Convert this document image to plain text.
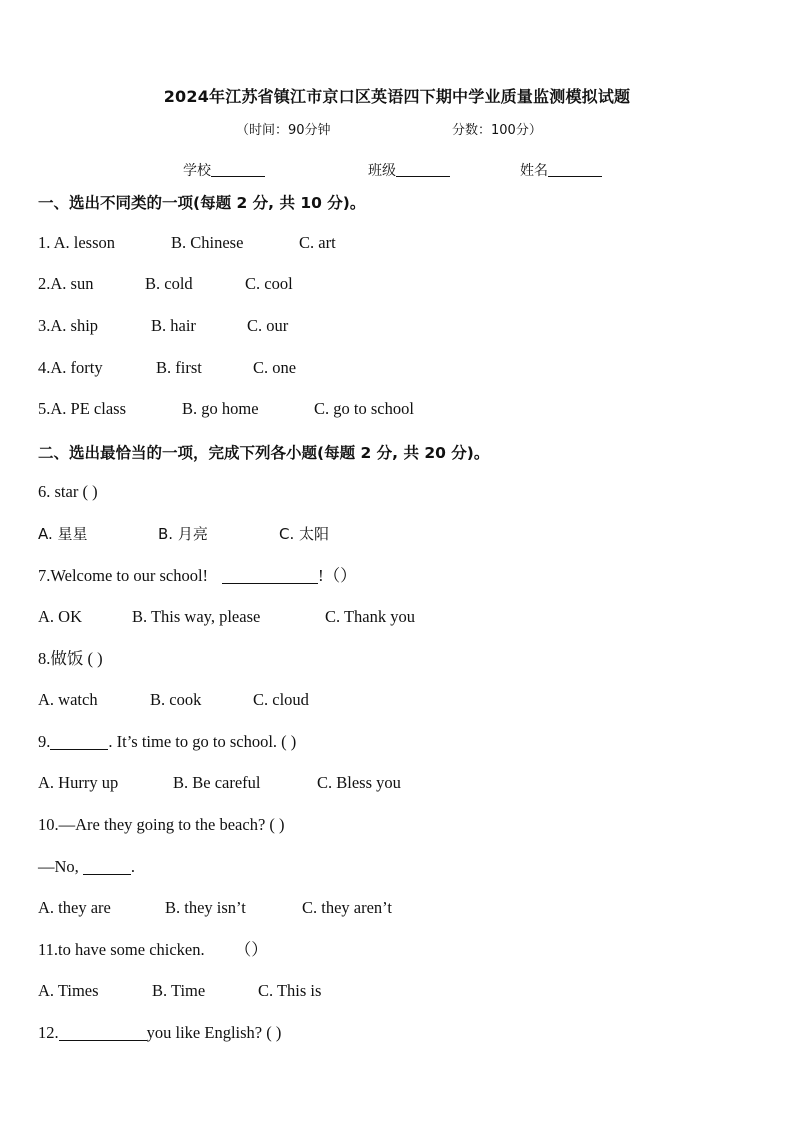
2024年江苏省镇江市京口区英语四下期中学业质量监测模拟试题
（时间：90分钟	分数：100分）
学校	班级	姓名
一、选出不同类的一项(每题 2 分, 共 10 分)。
1. A. lesson	B. Chinese	C. art
2.A. sun	B. cold	C. cool
3.A. ship	B. hair	C. our
4.A. forty	B. first	C. one
5.A. PE class	B. go home	C. go to school
二、选出最恰当的一项，完成下列各小题(每题 2 分, 共 20 分)。
6. star ( )
A. 星星	B. 月亮	C. 太阳
7.Welcome to our school!	!（）
A. OK	B. This way, please	C. Thank you
8.做饭 ( )
A. watch	B. cook	C. cloud
9.	. It’s time to go to school. ( )
A. Hurry up	B. Be careful	C. Bless you
10.—Are they going to the beach? ( )
—No,	.
A. they are	B. they isn’t	C. they aren’t
11.to have some chicken. （）
A. Times	B. Time	C. This is
12.	you like English? ( )
